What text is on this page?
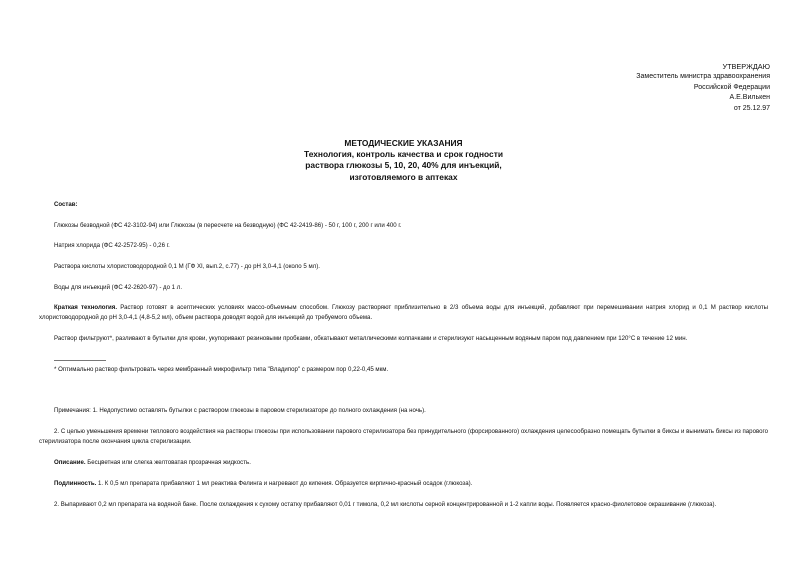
УТВЕРЖДАЮ
Заместитель министра здравоохранения
Российской Федерации
А.Е.Вилькен
от 25.12.97
МЕТОДИЧЕСКИЕ УКАЗАНИЯ
Технология, контроль качества и срок годности
раствора глюкозы 5, 10, 20, 40% для инъекций,
изготовляемого в аптеках
Состав:
Глюкозы безводной (ФС 42-3102-94) или Глюкозы (в пересчете на безводную) (ФС 42-2419-86) - 50 г, 100 г, 200 г или 400 г.
Натрия хлорида (ФС 42-2572-95) - 0,26 г.
Раствора кислоты хлористоводородной 0,1 М (ГФ XI, вып.2, с.77) - до pH 3,0-4,1 (около 5 мл).
Воды для инъекций (ФС 42-2620-97) - до 1 л.
Краткая технология. Раствор готовят в асептических условиях массо-объемным способом. Глюкозу растворяют приблизительно в 2/3 объема воды для инъекций, добавляют при перемешивании натрия хлорид и 0,1 М раствор кислоты хлористоводородной до pH 3,0-4,1 (4,8-5,2 мл), объем раствора доводят водой для инъекций до требуемого объема.
Раствор фильтруют*, разливают в бутылки для крови, укупоривают резиновыми пробками, обкатывают металлическими колпачками и стерилизуют насыщенным водяным паром под давлением при 120°С в течение 12 мин.
* Оптимально раствор фильтровать через мембранный микрофильтр типа "Владипор" с размером пор 0,22-0,45 мкм.
Примечания: 1. Недопустимо оставлять бутылки с раствором глюкозы в паровом стерилизаторе до полного охлаждения (на ночь).
2. С целью уменьшения времени теплового воздействия на растворы глюкозы при использовании парового стерилизатора без принудительного (форсированного) охлаждения целесообразно помещать бутылки в биксы и вынимать биксы из парового стерилизатора после окончания цикла стерилизации.
Описание. Бесцветная или слегка желтоватая прозрачная жидкость.
Подлинность. 1. К 0,5 мл препарата прибавляют 1 мл реактива Фелинга и нагревают до кипения. Образуется кирпично-красный осадок (глюкоза).
2. Выпаривают 0,2 мл препарата на водяной бане. После охлаждения к сухому остатку прибавляют 0,01 г тимола, 0,2 мл кислоты серной концентрированной и 1-2 капли воды. Появляется красно-фиолетовое окрашивание (глюкоза).
